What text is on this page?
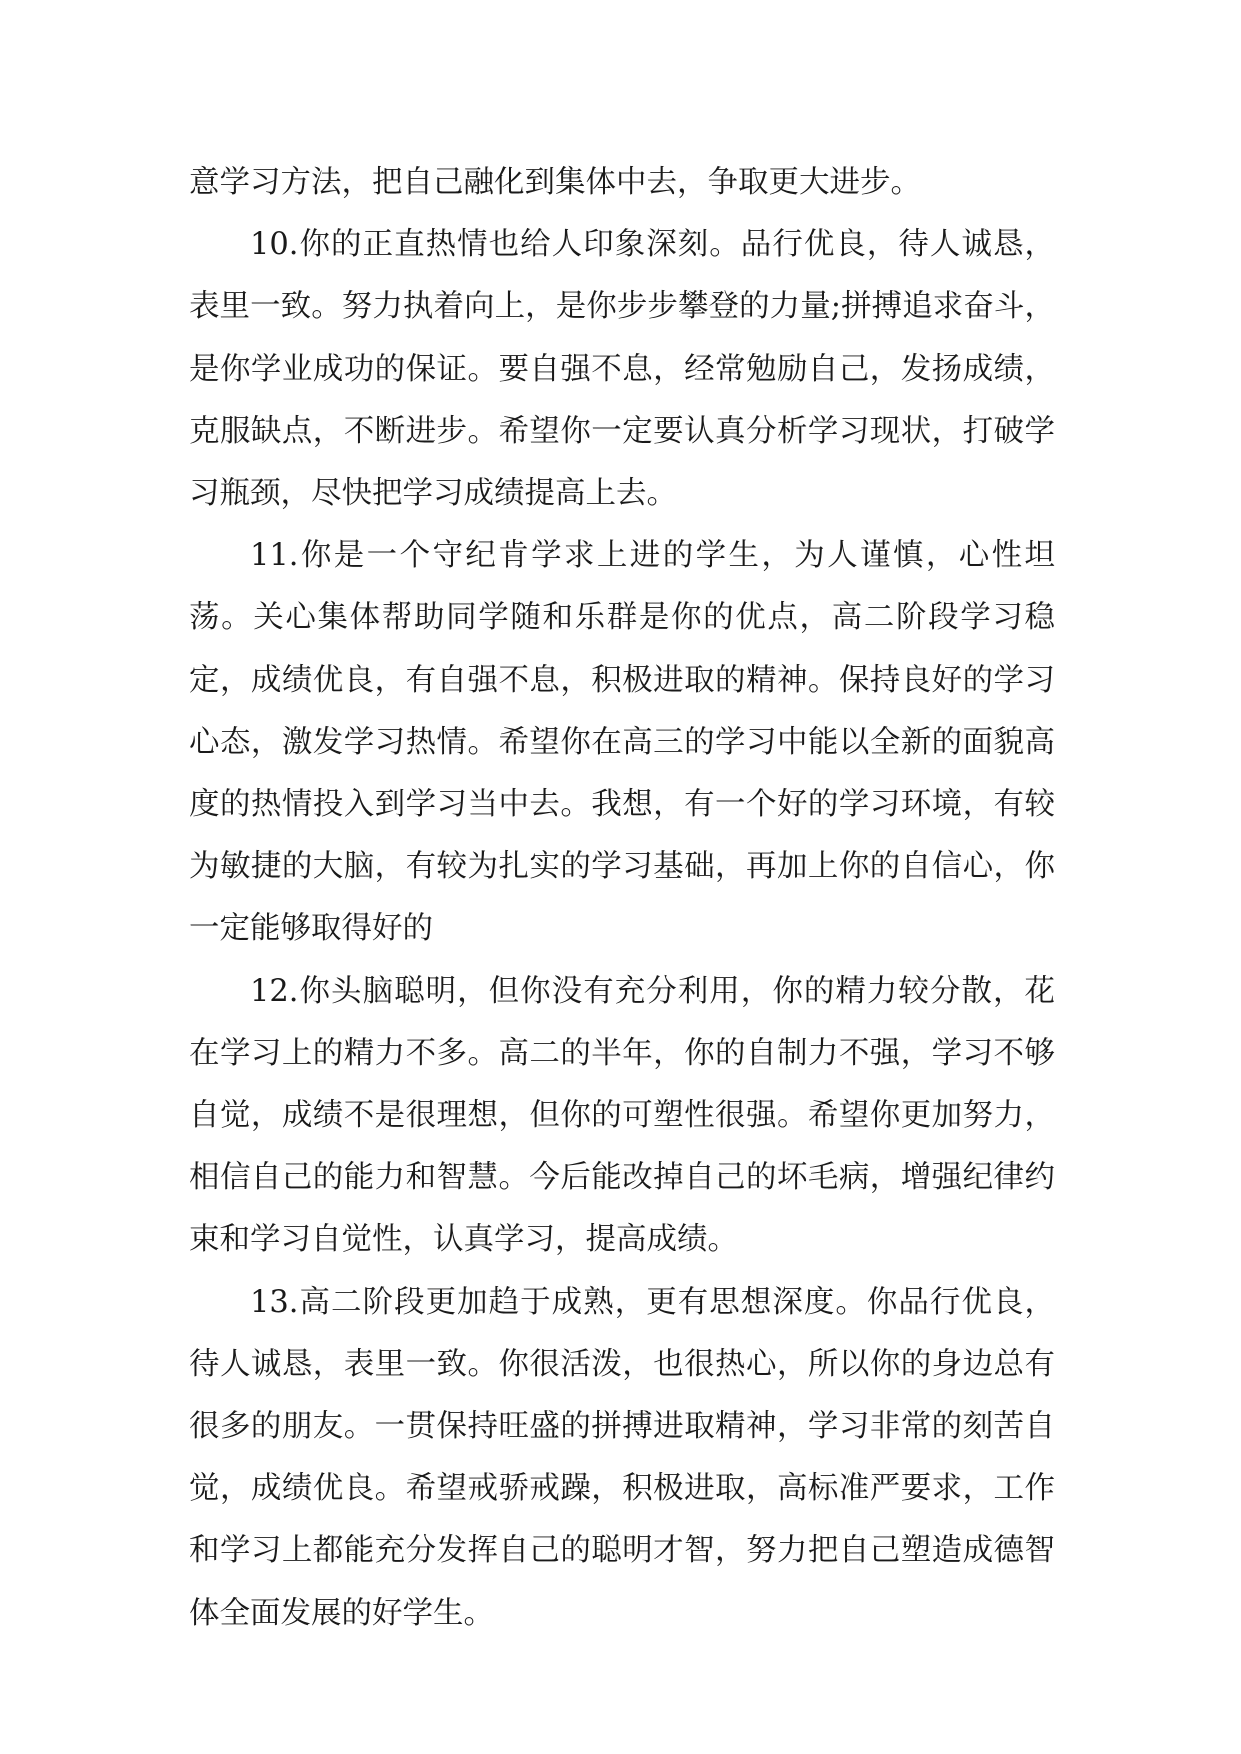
意学习方法，把自己融化到集体中去，争取更大进步。

10.你的正直热情也给人印象深刻。品行优良，待人诚恳，表里一致。努力执着向上，是你步步攀登的力量;拼搏追求奋斗，是你学业成功的保证。要自强不息，经常勉励自己，发扬成绩，克服缺点，不断进步。希望你一定要认真分析学习现状，打破学习瓶颈，尽快把学习成绩提高上去。

11.你是一个守纪肯学求上进的学生，为人谨慎，心性坦荡。关心集体帮助同学随和乐群是你的优点，高二阶段学习稳定，成绩优良，有自强不息，积极进取的精神。保持良好的学习心态，激发学习热情。希望你在高三的学习中能以全新的面貌高度的热情投入到学习当中去。我想，有一个好的学习环境，有较为敏捷的大脑，有较为扎实的学习基础，再加上你的自信心，你一定能够取得好的

12.你头脑聪明，但你没有充分利用，你的精力较分散，花在学习上的精力不多。高二的半年，你的自制力不强，学习不够自觉，成绩不是很理想，但你的可塑性很强。希望你更加努力，相信自己的能力和智慧。今后能改掉自己的坏毛病，增强纪律约束和学习自觉性，认真学习，提高成绩。

13.高二阶段更加趋于成熟，更有思想深度。你品行优良，待人诚恳，表里一致。你很活泼，也很热心，所以你的身边总有很多的朋友。一贯保持旺盛的拼搏进取精神，学习非常的刻苦自觉，成绩优良。希望戒骄戒躁，积极进取，高标准严要求，工作和学习上都能充分发挥自己的聪明才智，努力把自己塑造成德智体全面发展的好学生。
